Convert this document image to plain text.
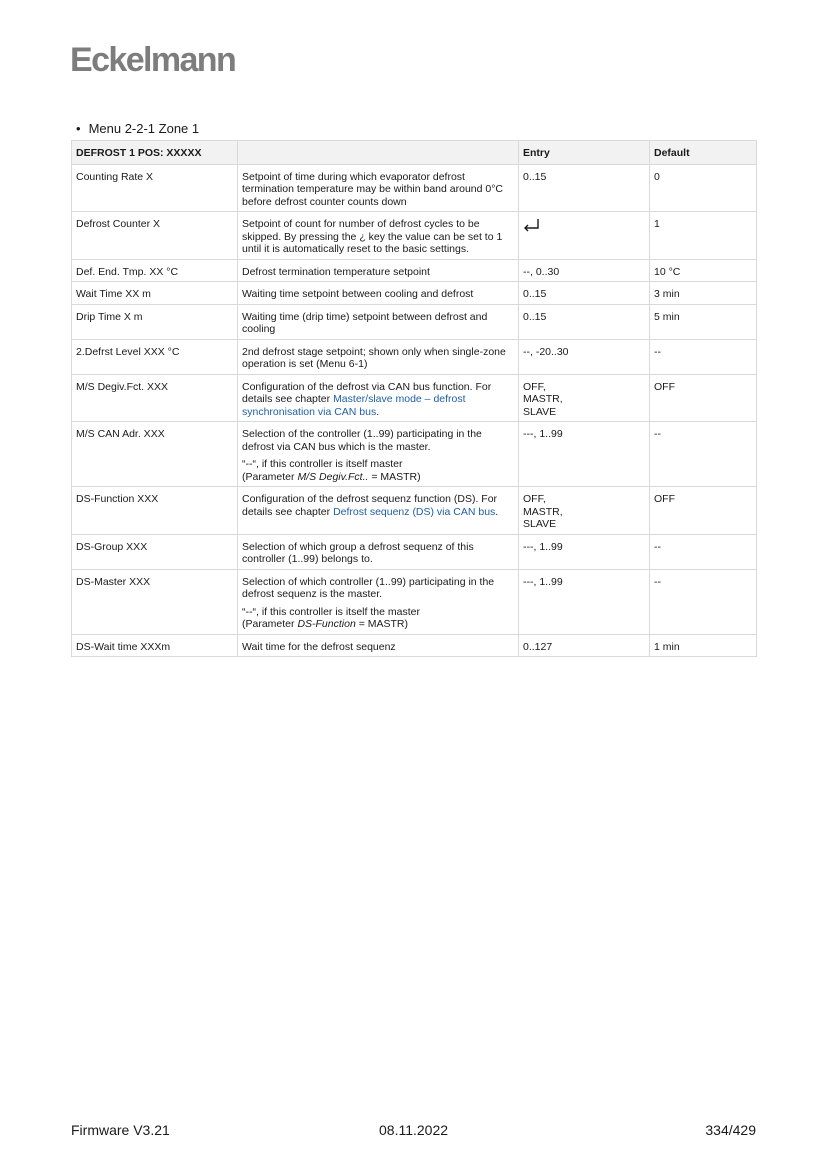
Eckelmann
• Menu 2-2-1 Zone 1
DEFROST 1 POS: XXXXX		Entry	Default
Counting Rate X	Setpoint of time during which evaporator defrost termination temperature may be within band around 0°C before defrost counter counts down	0..15	0
Defrost Counter X	Setpoint of count for number of defrost cycles to be skipped. By pressing the ¿ key the value can be set to 1 until it is automatically reset to the basic settings.		1
Def. End. Tmp. XX °C	Defrost termination temperature setpoint	--, 0..30	10 °C
Wait Time XX m	Waiting time setpoint between cooling and defrost	0..15	3 min
Drip Time X m	Waiting time (drip time) setpoint between defrost and cooling	0..15	5 min
2.Defrst Level XXX °C	2nd defrost stage setpoint; shown only when single-zone operation is set (Menu 6-1)	--, -20..30	--
M/S Degiv.Fct. XXX	Configuration of the defrost via CAN bus function. For details see chapter Master/slave mode – defrost synchronisation via CAN bus.	OFF,
MASTR,
SLAVE	OFF
M/S CAN Adr. XXX	Selection of the controller (1..99) participating in the defrost via CAN bus which is the master.
“--“, if this controller is itself master
(Parameter M/S Degiv.Fct.. = MASTR)	---, 1..99	--
DS-Function XXX	Configuration of the defrost sequenz function (DS). For details see chapter Defrost sequenz (DS) via CAN bus.	OFF,
MASTR,
SLAVE	OFF
DS-Group XXX	Selection of which group a defrost sequenz of this controller (1..99) belongs to.	---, 1..99	--
DS-Master XXX	Selection of which controller (1..99) participating in the defrost sequenz is the master.
“--“, if this controller is itself the master
(Parameter DS-Function = MASTR)	---, 1..99	--
DS-Wait time XXXm	Wait time for the defrost sequenz	0..127	1 min
Firmware V3.21	08.11.2022	334/429
